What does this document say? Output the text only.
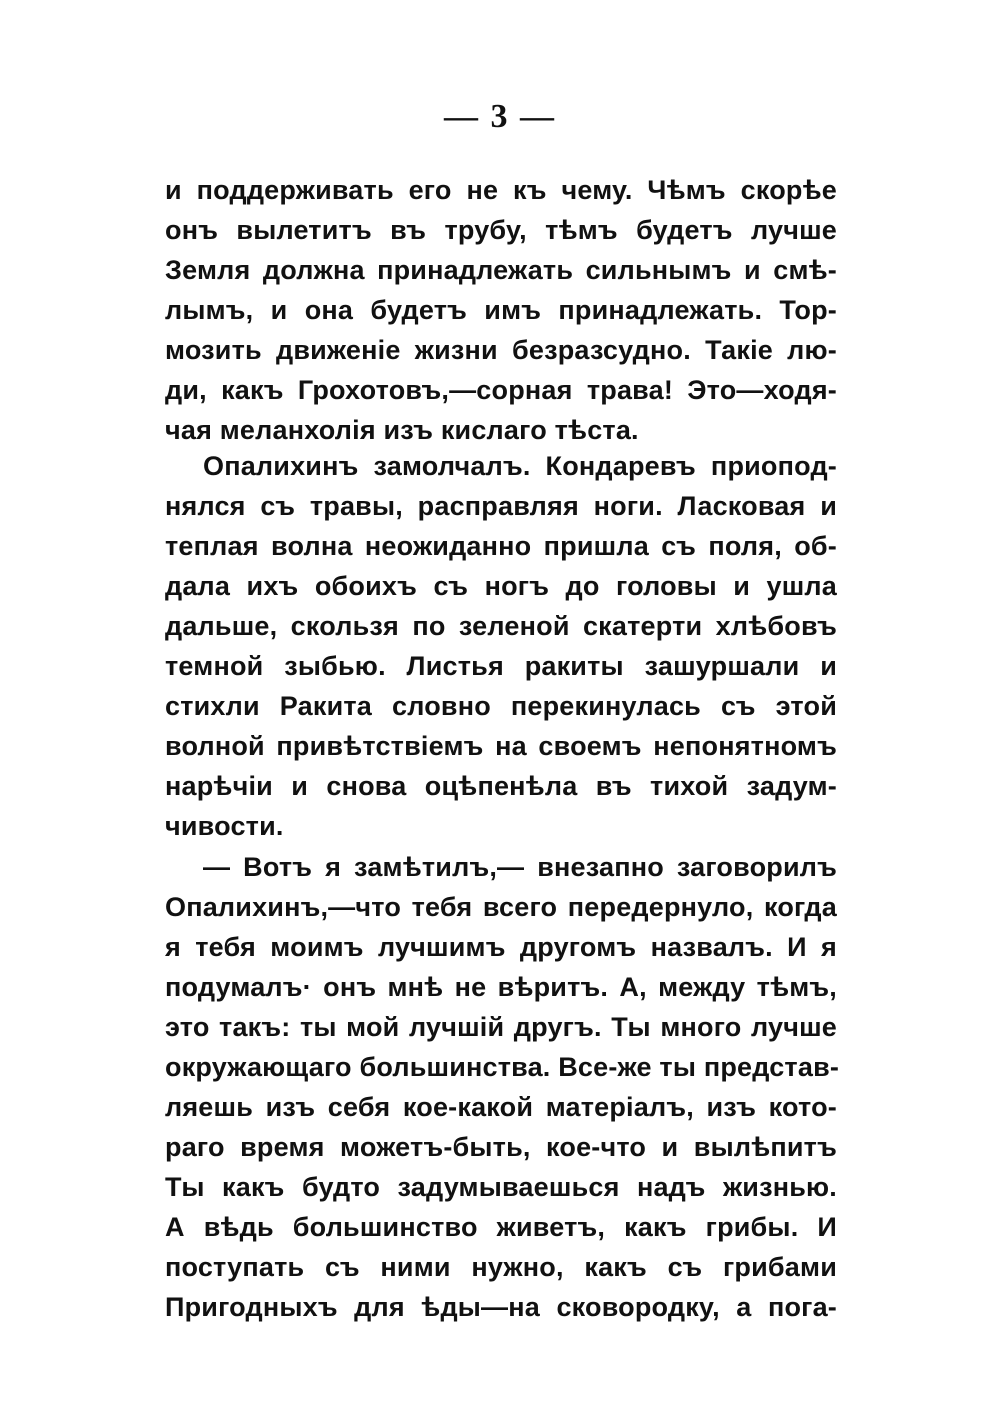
— 3 —
и поддерживать его не къ чему. Чѣмъ скорѣе
онъ вылетитъ въ трубу, тѣмъ будетъ лучше
Земля должна принадлежать сильнымъ и смѣ-
лымъ, и она будетъ имъ принадлежать. Тор-
мозить движенiе жизни безразсудно. Такiе лю-
ди, какъ Грохотовъ,—сорная трава! Это—ходя-
чая меланхолiя изъ кислаго тѣста.
Опалихинъ замолчалъ. Кондаревъ приопод-
нялся съ травы, расправляя ноги. Ласковая и
теплая волна неожиданно пришла съ поля, об-
дала ихъ обоихъ съ ногъ до головы и ушла
дальше, скользя по зеленой скатерти хлѣбовъ
темной зыбью. Листья ракиты зашуршали и
стихли Ракита словно перекинулась съ этой
волной привѣтствiемъ на своемъ непонятномъ
нарѣчiи и снова оцѣпенѣла въ тихой задум-
чивости.
— Вотъ я замѣтилъ,— внезапно заговорилъ
Опалихинъ,—что тебя всего передернуло, когда
я тебя моимъ лучшимъ другомъ назвалъ. И я
подумалъ· онъ мнѣ не вѣритъ. А, между тѣмъ,
это такъ: ты мой лучшiй другъ. Ты много лучше
окружающаго большинства. Все-же ты представ-
ляешь изъ себя кое-какой матерiалъ, изъ кото-
раго время можетъ-быть, кое-что и вылѣпитъ
Ты какъ будто задумываешься надъ жизнью.
А вѣдь большинство живетъ, какъ грибы. И
поступать съ ними нужно, какъ съ грибами
Пригодныхъ для ѣды—на сковородку, а пога-
